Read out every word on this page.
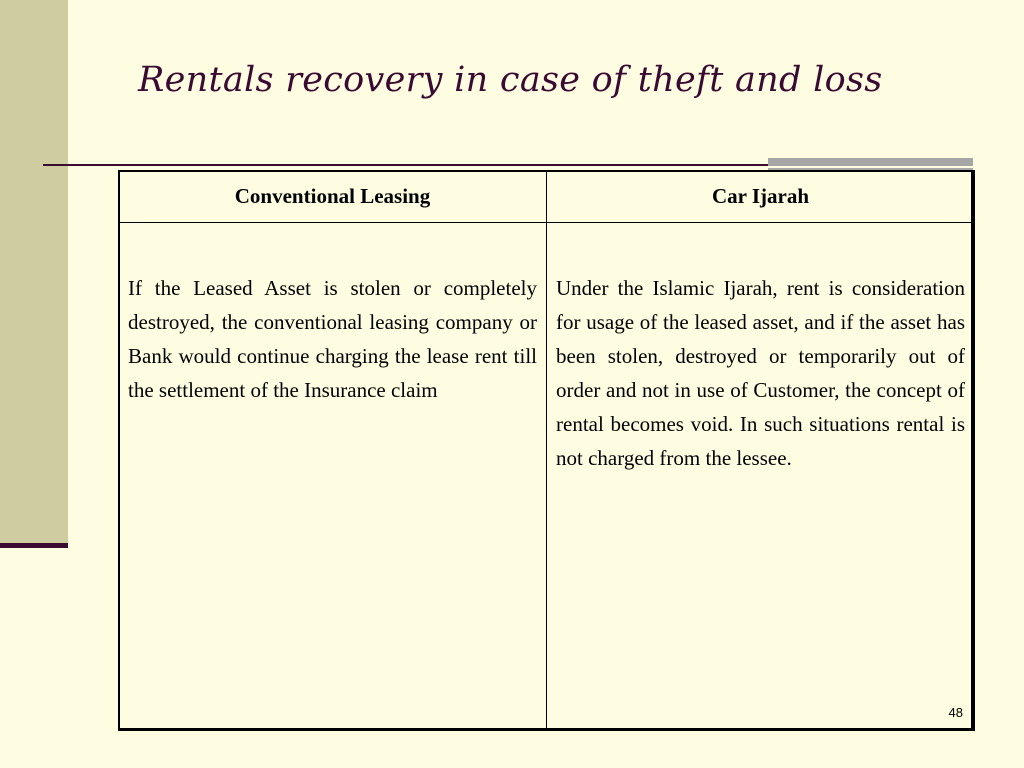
Rentals recovery in case of theft and loss
Conventional Leasing	Car Ijarah
If the Leased Asset is stolen or completely destroyed, the conventional leasing company or Bank would continue charging the lease rent till the settlement of the Insurance claim	Under the Islamic Ijarah, rent is consideration for usage of the leased asset, and if the asset has been stolen, destroyed or temporarily out of order and not in use of Customer, the concept of rental becomes void. In such situations rental is not charged from the lessee.
48
